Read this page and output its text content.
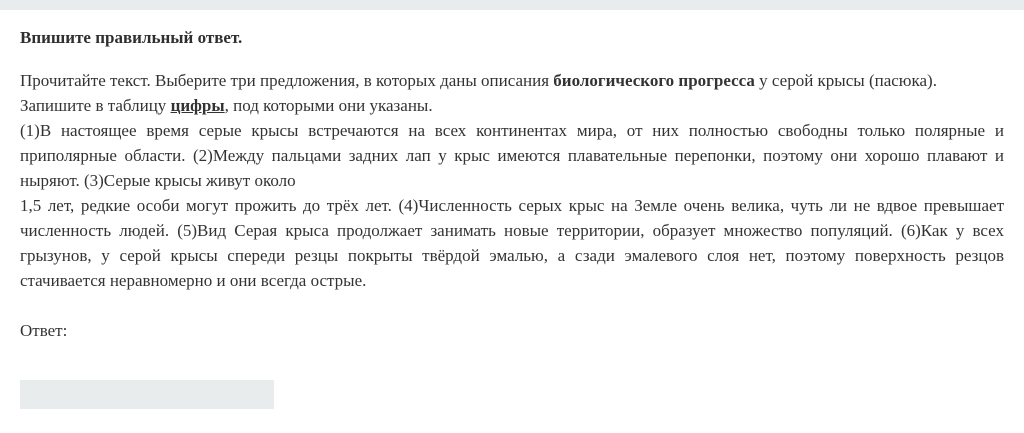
Впишите правильный ответ.

Прочитайте текст. Выберите три предложения, в которых даны описания биологического прогресса у серой крысы (пасюка).

Запишите в таблицу цифры, под которыми они указаны.

(1)В настоящее время серые крысы встречаются на всех континентах мира, от них полностью свободны только полярные и приполярные области. (2)Между пальцами задних лап у крыс имеются плавательные перепонки, поэтому они хорошо плавают и ныряют. (3)Серые крысы живут около

1,5 лет, редкие особи могут прожить до трёх лет. (4)Численность серых крыс на Земле очень велика, чуть ли не вдвое превышает численность людей. (5)Вид Серая крыса продолжает занимать новые территории, образует множество популяций. (6)Как у всех грызунов, у серой крысы спереди резцы покрыты твёрдой эмалью, а сзади эмалевого слоя нет, поэтому поверхность резцов стачивается неравномерно и они всегда острые.

Ответ:
